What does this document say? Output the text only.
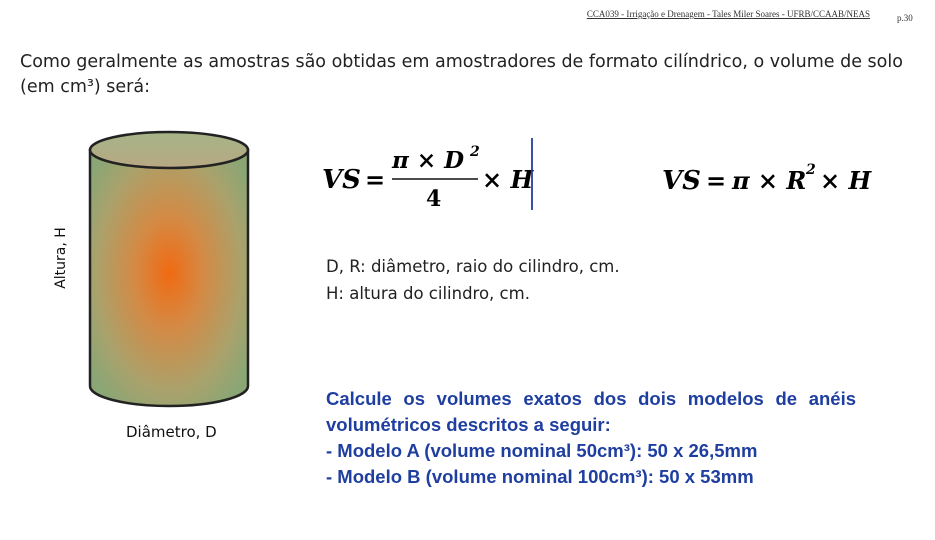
CCA039 - Irrigação e Drenagem - Tales Miler Soares - UFRB/CCAAB/NEAS	p.30
Como geralmente as amostras são obtidas em amostradores de formato cilíndrico, o volume de solo (em cm³) será:
Altura, H
Diâmetro, D
VS =
π × D 2
4
× H	VS = π × R 2 × H
D, R: diâmetro, raio do cilindro, cm.
H: altura do cilindro, cm.
Calcule os volumes exatos dos dois modelos de anéis
volumétricos descritos a seguir:
- Modelo A (volume nominal 50cm³): 50 x 26,5mm
- Modelo B (volume nominal 100cm³): 50 x 53mm
